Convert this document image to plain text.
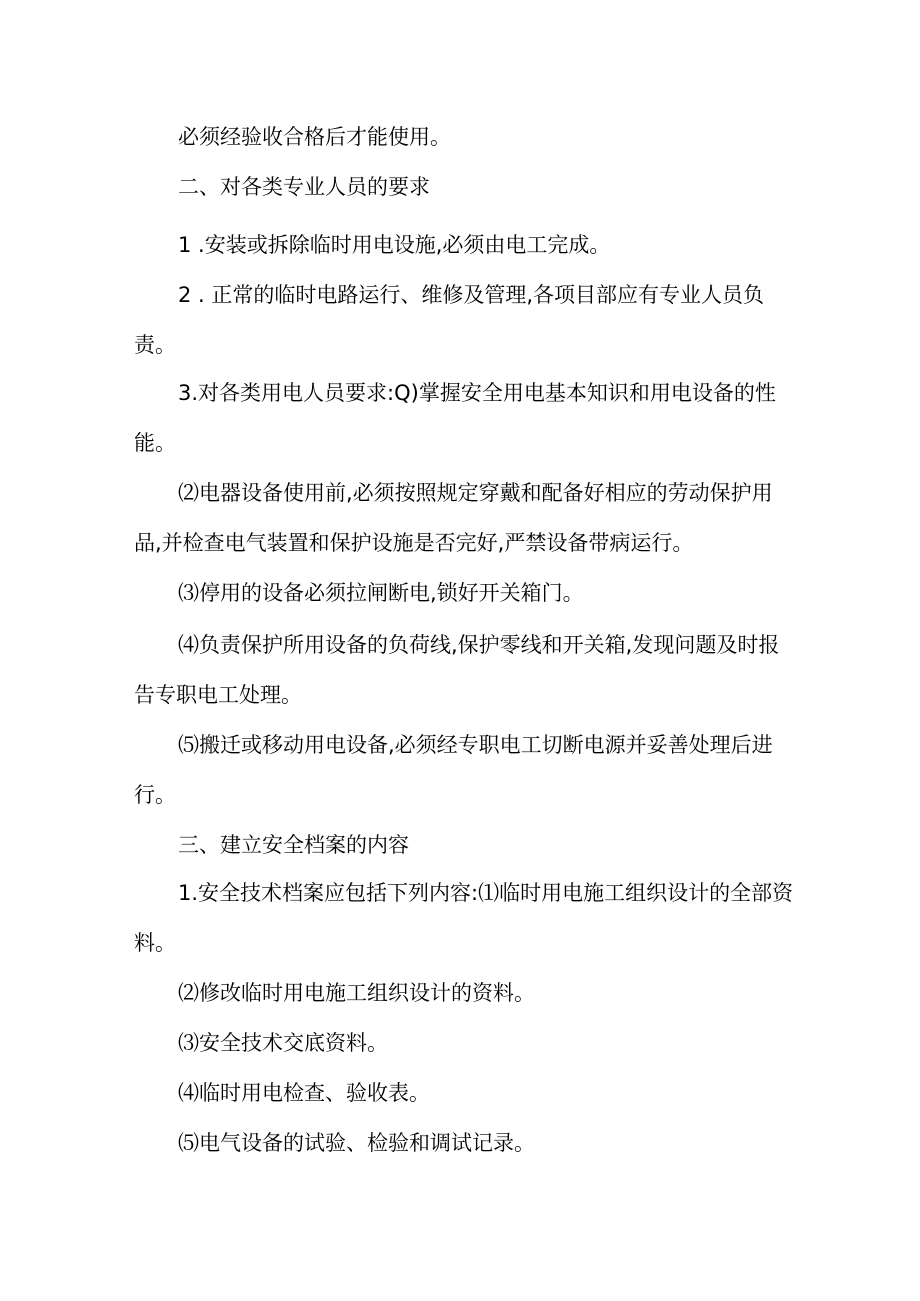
必须经验收合格后才能使用。

二、对各类专业人员的要求

1 .安装或拆除临时用电设施,必须由电工完成。

2 . 正常的临时电路运行、维修及管理,各项目部应有专业人员负责。

3.对各类用电人员要求:Q)掌握安全用电基本知识和用电设备的性能。

⑵电器设备使用前,必须按照规定穿戴和配备好相应的劳动保护用品,并检查电气装置和保护设施是否完好,严禁设备带病运行。

⑶停用的设备必须拉闸断电,锁好开关箱门。

⑷负责保护所用设备的负荷线,保护零线和开关箱,发现问题及时报告专职电工处理。

⑸搬迁或移动用电设备,必须经专职电工切断电源并妥善处理后进行。

三、建立安全档案的内容

1.安全技术档案应包括下列内容:⑴临时用电施工组织设计的全部资料。

⑵修改临时用电施工组织设计的资料。

⑶安全技术交底资料。

⑷临时用电检查、验收表。

⑸电气设备的试验、检验和调试记录。
